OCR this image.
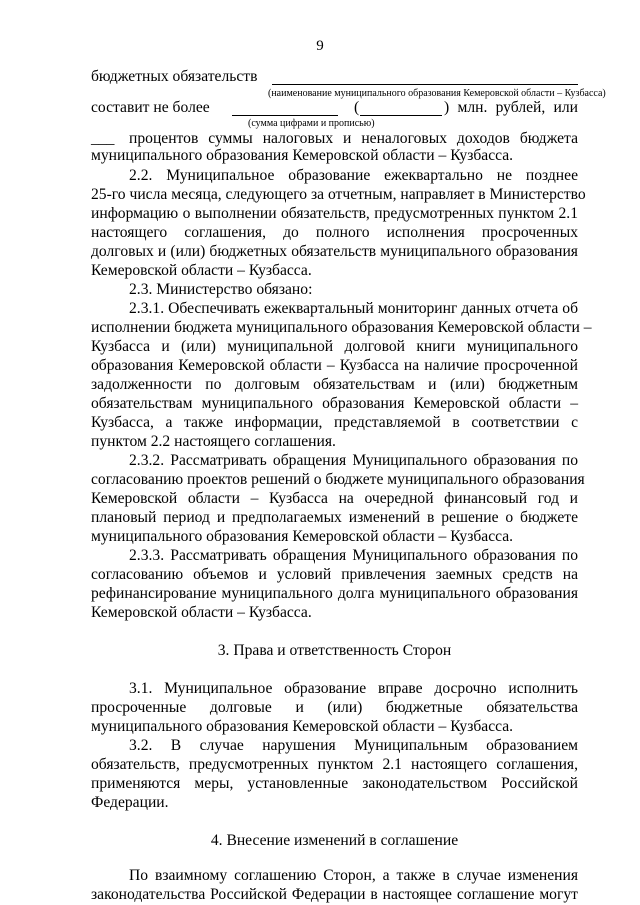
9
бюджетных обязательств
(наименование муниципального образования Кемеровской области – Кузбасса)
составит не более	(	) млн. рублей, или
(сумма цифрами и прописью)
___ процентов суммы налоговых и неналоговых доходов бюджета
муниципального образования Кемеровской области – Кузбасса.
2.2. Муниципальное образование ежеквартально не позднее
25-го числа месяца, следующего за отчетным, направляет в Министерство
информацию о выполнении обязательств, предусмотренных пунктом 2.1
настоящего соглашения, до полного исполнения просроченных
долговых и (или) бюджетных обязательств муниципального образования
Кемеровской области – Кузбасса.
2.3. Министерство обязано:
2.3.1. Обеспечивать ежеквартальный мониторинг данных отчета об
исполнении бюджета муниципального образования Кемеровской области –
Кузбасса и (или) муниципальной долговой книги муниципального
образования Кемеровской области – Кузбасса на наличие просроченной
задолженности по долговым обязательствам и (или) бюджетным
обязательствам муниципального образования Кемеровской области –
Кузбасса, а также информации, представляемой в соответствии с
пунктом 2.2 настоящего соглашения.
2.3.2. Рассматривать обращения Муниципального образования по
согласованию проектов решений о бюджете муниципального образования
Кемеровской области – Кузбасса на очередной финансовый год и
плановый период и предполагаемых изменений в решение о бюджете
муниципального образования Кемеровской области – Кузбасса.
2.3.3. Рассматривать обращения Муниципального образования по
согласованию объемов и условий привлечения заемных средств на
рефинансирование муниципального долга муниципального образования
Кемеровской области – Кузбасса.
3. Права и ответственность Сторон
3.1. Муниципальное образование вправе досрочно исполнить
просроченные долговые и (или) бюджетные обязательства
муниципального образования Кемеровской области – Кузбасса.
3.2. В случае нарушения Муниципальным образованием
обязательств, предусмотренных пунктом 2.1 настоящего соглашения,
применяются меры, установленные законодательством Российской
Федерации.
4. Внесение изменений в соглашение
По взаимному соглашению Сторон, а также в случае изменения
законодательства Российской Федерации в настоящее соглашение могут
